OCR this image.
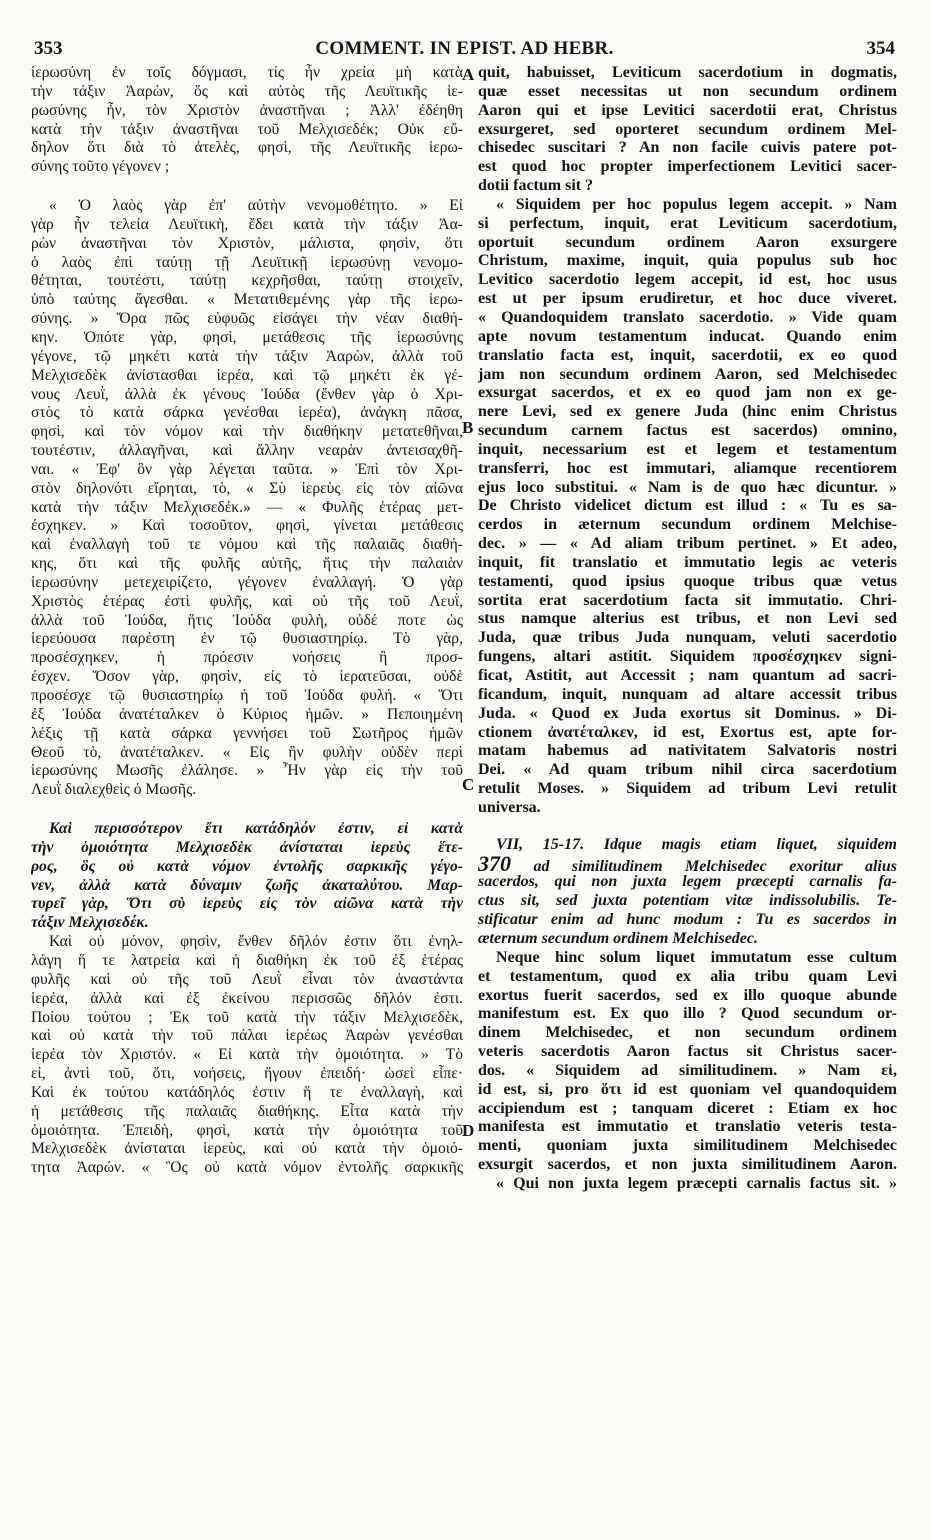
353	COMMENT. IN EPIST. AD HEBR.	354
ἱερωσύνη ἐν τοῖς δόγμασι, τίς ἦν χρεία μὴ κατὰ
τὴν τάξιν Ἀαρὼν, ὅς καὶ αὐτὸς τῆς Λευϊτικῆς ἱε-
ρωσύνης ἦν, τὸν Χριστὸν ἀναστῆναι ; Ἀλλ' ἐδέηθη
κατὰ τὴν τάξιν ἀναστῆναι τοῦ Μελχισεδέκ; Οὐκ εὔ-
δηλον ὅτι διὰ τὸ ἀτελὲς, φησὶ, τῆς Λευϊτικῆς ἱερω-
σύνης τοῦτο γέγονεν ;
« Ὁ λαὸς γὰρ ἐπ' αὐτὴν νενομοθέτητο. » Εἰ
γὰρ ἦν τελεία Λευϊτικὴ, ἔδει κατὰ τὴν τάξιν Ἀα-
ρὼν ἀναστῆναι τὸν Χριστὸν, μάλιστα, φησὶν, ὅτι
ὁ λαὸς ἐπὶ ταύτῃ τῇ Λευϊτικῇ ἱερωσύνῃ νενομο-
θέτηται, τουτέστι, ταύτῃ κεχρῆσθαι, ταύτῃ στοιχεῖν,
ὑπὸ ταύτης ἄγεσθαι. « Μετατιθεμένης γὰρ τῆς ἱερω-
σύνης. » Ὅρα πῶς εὐφυῶς εἰσάγει τὴν νέαν διαθή-
κην. Ὁπότε γὰρ, φησὶ, μετάθεσις τῆς ἱερωσύνης
γέγονε, τῷ μηκέτι κατὰ τὴν τάξιν Ἀαρὼν, ἀλλὰ τοῦ
Μελχισεδὲκ ἀνίστασθαι ἱερέα, καὶ τῷ μηκέτι ἐκ γέ-
νους Λευῒ, ἀλλὰ ἐκ γένους Ἰούδα (ἔνθεν γὰρ ὁ Χρι-
στὸς τὸ κατὰ σάρκα γενέσθαι ἱερέα), ἀνάγκη πᾶσα,
φησὶ, καὶ τὸν νόμον καὶ τὴν διαθήκην μετατεθῆναι,
τουτέστιν, ἀλλαγῆναι, καὶ ἄλλην νεαρὰν ἀντεισαχθῆ-
ναι. « Ἐφ' ὃν γὰρ λέγεται ταῦτα. » Ἐπὶ τὸν Χρι-
στὸν δηλονότι εἴρηται, τὸ, « Σὺ ἱερεὺς εἰς τὸν αἰῶνα
κατὰ τὴν τάξιν Μελχισεδέκ.» — « Φυλῆς ἑτέρας μετ-
έσχηκεν. » Καὶ τοσοῦτον, φησὶ, γίνεται μετάθεσις
καὶ ἐναλλαγὴ τοῦ τε νόμου καὶ τῆς παλαιᾶς διαθή-
κης, ὅτι καὶ τῆς φυλῆς αὐτῆς, ἥτις τὴν παλαιὰν
ἱερωσύνην μετεχειρίζετο, γέγονεν ἐναλλαγή. Ὁ γὰρ
Χριστὸς ἑτέρας ἐστὶ φυλῆς, καὶ οὐ τῆς τοῦ Λευῒ,
ἀλλὰ τοῦ Ἰούδα, ἥτις Ἰούδα φυλὴ, οὐδέ ποτε ὡς
ἱερεύουσα παρέστη ἐν τῷ θυσιαστηρίῳ. Τὸ γὰρ,
προσέσχηκεν, ἡ πρόεσιν νοήσεις ἢ προσ-
έσχεν. Ὅσον γὰρ, φησὶν, εἰς τὸ ἱερατεῦσαι, οὐδὲ
προσέσχε τῷ θυσιαστηρίῳ ἡ τοῦ Ἰούδα φυλή. « Ὅτι
ἐξ Ἰούδα ἀνατέταλκεν ὁ Κύριος ἡμῶν. » Πεποιημένη
λέξις τῇ κατὰ σάρκα γεννήσει τοῦ Σωτῆρος ἡμῶν
Θεοῦ τὸ, ἀνατέταλκεν. « Εἰς ἣν φυλὴν οὐδὲν περὶ
ἱερωσύνης Μωσῆς ἐλάλησε. » Ἦν γὰρ εἰς τὴν τοῦ
Λευῒ διαλεχθεὶς ὁ Μωσῆς.
Καὶ περισσότερον ἔτι κατάδηλόν ἐστιν, εἰ κατὰ
τὴν ὁμοιότητα Μελχισεδὲκ ἀνίσταται ἱερεὺς ἕτε-
ρος, ὃς οὐ κατὰ νόμον ἐντολῆς σαρκικῆς γέγο-
νεν, ἀλλὰ κατὰ δύναμιν ζωῆς ἀκαταλύτου. Μαρ-
τυρεῖ γὰρ, Ὅτι σὺ ἱερεὺς εἰς τὸν αἰῶνα κατὰ τὴν
τάξιν Μελχισεδέκ.
Καὶ οὐ μόνον, φησὶν, ἔνθεν δῆλόν ἐστιν ὅτι ἐνηλ-
λάγη ἥ τε λατρεία καὶ ἡ διαθήκη ἐκ τοῦ ἐξ ἑτέρας
φυλῆς καὶ οὐ τῆς τοῦ Λευῒ εἶναι τὸν ἀναστάντα
ἱερέα, ἀλλὰ καὶ ἐξ ἐκείνου περισσῶς δῆλόν ἐστι.
Ποίου τούτου ; Ἐκ τοῦ κατὰ τὴν τάξιν Μελχισεδὲκ,
καὶ οὐ κατὰ τὴν τοῦ πάλαι ἱερέως Ἀαρὼν γενέσθαι
ἱερέα τὸν Χριστόν. « Εἰ κατὰ τὴν ὁμοιότητα. » Τὸ
εἰ, ἀντὶ τοῦ, ὅτι, νοήσεις, ἤγουν ἐπειδή· ὡσεὶ εἶπε·
Καὶ ἐκ τούτου κατάδηλός ἐστιν ἥ τε ἐναλλαγὴ, καὶ
ἡ μετάθεσις τῆς παλαιᾶς διαθήκης. Εἶτα κατὰ τὴν
ὁμοιότητα. Ἐπειδὴ, φησὶ, κατὰ τὴν ὁμοιότητα τοῦ
Μελχισεδὲκ ἀνίσταται ἱερεὺς, καὶ οὐ κατὰ τὴν ὁμοιό-
τητα Ἀαρών. « Ὃς οὐ κατὰ νόμον ἐντολῆς σαρκικῆς
quit, habuisset, Leviticum sacerdotium in dogmatis,
quæ esset necessitas ut non secundum ordinem
Aaron qui et ipse Levitici sacerdotii erat, Christus
exsurgeret, sed oporteret secundum ordinem Mel-
chisedec suscitari ? An non facile cuivis patere pot-
est quod hoc propter imperfectionem Levitici sacer-
dotii factum sit ?
« Siquidem per hoc populus legem accepit. » Nam
si perfectum, inquit, erat Leviticum sacerdotium,
oportuit secundum ordinem Aaron exsurgere
Christum, maxime, inquit, quia populus sub hoc
Levitico sacerdotio legem accepit, id est, hoc usus
est ut per ipsum erudiretur, et hoc duce viveret.
« Quandoquidem translato sacerdotio. » Vide quam
apte novum testamentum inducat. Quando enim
translatio facta est, inquit, sacerdotii, ex eo quod
jam non secundum ordinem Aaron, sed Melchisedec
exsurgat sacerdos, et ex eo quod jam non ex ge-
nere Levi, sed ex genere Juda (hinc enim Christus
secundum carnem factus est sacerdos) omnino,
inquit, necessarium est et legem et testamentum
transferri, hoc est immutari, aliamque recentiorem
ejus loco substitui. « Nam is de quo hæc dicuntur. »
De Christo videlicet dictum est illud : « Tu es sa-
cerdos in æternum secundum ordinem Melchise-
dec. » — « Ad aliam tribum pertinet. » Et adeo,
inquit, fit translatio et immutatio legis ac veteris
testamenti, quod ipsius quoque tribus quæ vetus
sortita erat sacerdotium facta sit immutatio. Chri-
stus namque alterius est tribus, et non Levi sed
Juda, quæ tribus Juda nunquam, veluti sacerdotio
fungens, altari astitit. Siquidem προσέσχηκεν signi-
ficat, Astitit, aut Accessit ; nam quantum ad sacri-
ficandum, inquit, nunquam ad altare accessit tribus
Juda. « Quod ex Juda exortus sit Dominus. » Di-
ctionem ἀνατέταλκεν, id est, Exortus est, apte for-
matam habemus ad nativitatem Salvatoris nostri
Dei. « Ad quam tribum nihil circa sacerdotium
retulit Moses. » Siquidem ad tribum Levi retulit
universa.
VII, 15-17. Idque magis etiam liquet, siquidem
370 ad similitudinem Melchisedec exoritur alius
sacerdos, qui non juxta legem præcepti carnalis fa-
ctus sit, sed juxta potentiam vitæ indissolubilis. Te-
stificatur enim ad hunc modum : Tu es sacerdos in
æternum secundum ordinem Melchisedec.
Neque hinc solum liquet immutatum esse cultum
et testamentum, quod ex alia tribu quam Levi
exortus fuerit sacerdos, sed ex illo quoque abunde
manifestum est. Ex quo illo ? Quod secundum or-
dinem Melchisedec, et non secundum ordinem
veteris sacerdotis Aaron factus sit Christus sacer-
dos. « Siquidem ad similitudinem. » Nam εἰ,
id est, si, pro ὅτι id est quoniam vel quandoquidem
accipiendum est ; tanquam diceret : Etiam ex hoc
manifesta est immutatio et translatio veteris testa-
menti, quoniam juxta similitudinem Melchisedec
exsurgit sacerdos, et non juxta similitudinem Aaron.
« Qui non juxta legem præcepti carnalis factus sit. »
A
B
C
D
